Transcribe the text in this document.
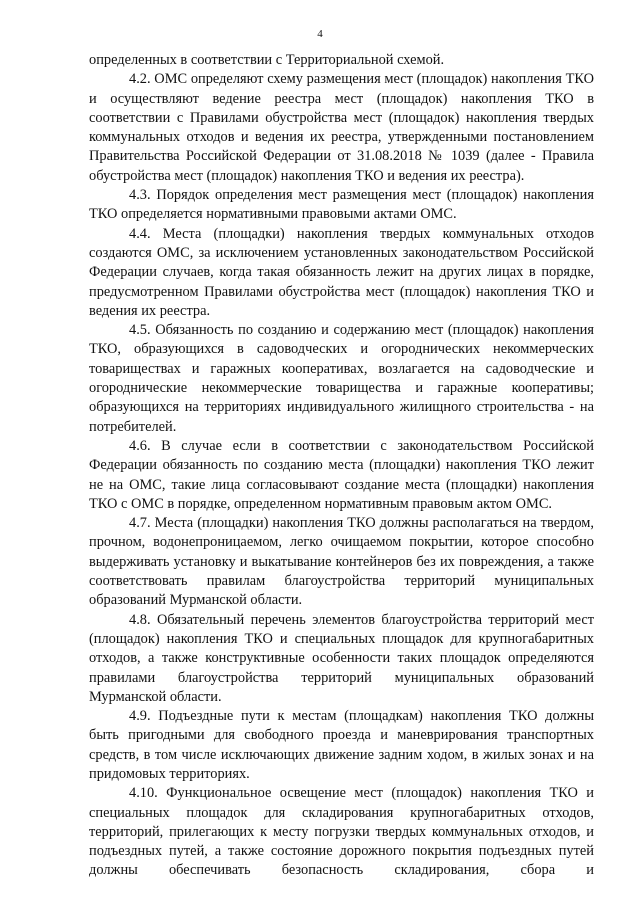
4

определенных в соответствии с Территориальной схемой.

4.2. ОМС определяют схему размещения мест (площадок) накопления ТКО и осуществляют ведение реестра мест (площадок) накопления ТКО в соответствии с Правилами обустройства мест (площадок) накопления твердых коммунальных отходов и ведения их реестра, утвержденными постановлением Правительства Российской Федерации от 31.08.2018 № 1039 (далее - Правила обустройства мест (площадок) накопления ТКО и ведения их реестра).

4.3. Порядок определения мест размещения мест (площадок) накопления ТКО определяется нормативными правовыми актами ОМС.

4.4. Места (площадки) накопления твердых коммунальных отходов создаются ОМС, за исключением установленных законодательством Российской Федерации случаев, когда такая обязанность лежит на других лицах в порядке, предусмотренном Правилами обустройства мест (площадок) накопления ТКО и ведения их реестра.

4.5. Обязанность по созданию и содержанию мест (площадок) накопления ТКО, образующихся в садоводческих и огороднических некоммерческих товариществах и гаражных кооперативах, возлагается на садоводческие и огороднические некоммерческие товарищества и гаражные кооперативы; образующихся на территориях индивидуального жилищного строительства - на потребителей.

4.6. В случае если в соответствии с законодательством Российской Федерации обязанность по созданию места (площадки) накопления ТКО лежит не на ОМС, такие лица согласовывают создание места (площадки) накопления ТКО с ОМС в порядке, определенном нормативным правовым актом ОМС.

4.7. Места (площадки) накопления ТКО должны располагаться на твердом, прочном, водонепроницаемом, легко очищаемом покрытии, которое способно выдерживать установку и выкатывание контейнеров без их повреждения, а также соответствовать правилам благоустройства территорий муниципальных образований Мурманской области.

4.8. Обязательный перечень элементов благоустройства территорий мест (площадок) накопления ТКО и специальных площадок для крупногабаритных отходов, а также конструктивные особенности таких площадок определяются правилами благоустройства территорий муниципальных образований Мурманской области.

4.9. Подъездные пути к местам (площадкам) накопления ТКО должны быть пригодными для свободного проезда и маневрирования транспортных средств, в том числе исключающих движение задним ходом, в жилых зонах и на придомовых территориях.

4.10. Функциональное освещение мест (площадок) накопления ТКО и специальных площадок для складирования крупногабаритных отходов, территорий, прилегающих к месту погрузки твердых коммунальных отходов, и подъездных путей, а также состояние дорожного покрытия подъездных путей должны обеспечивать безопасность складирования, сбора и
